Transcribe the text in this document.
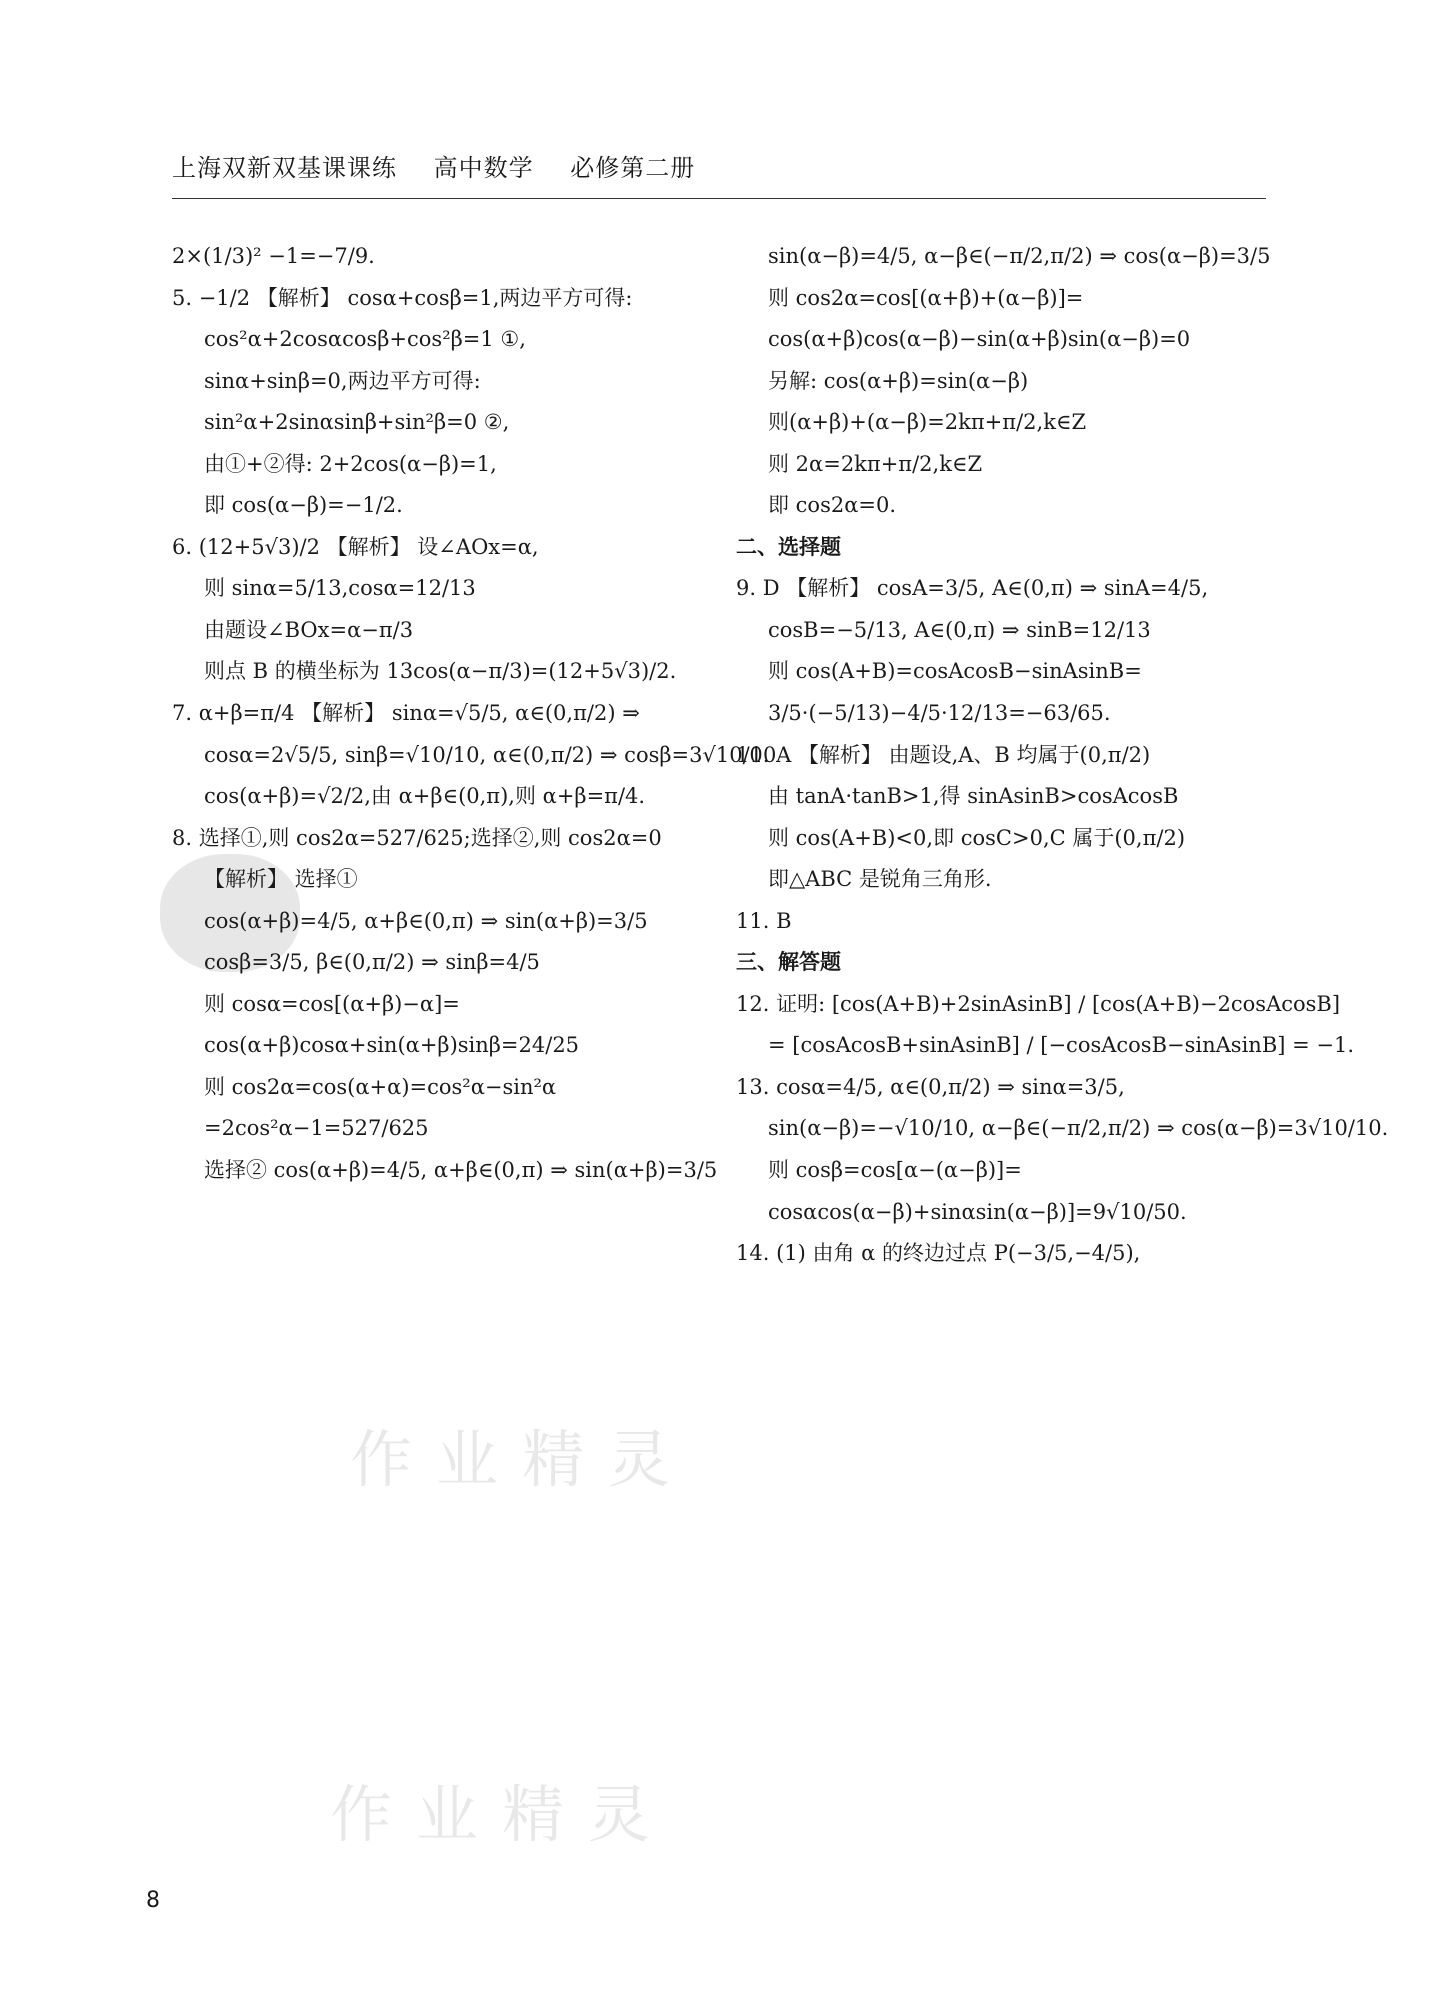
上海双新双基课课练 高中数学 必修第二册
2×(1/3)² −1=−7/9.
5. −1/2 【解析】 cosα+cosβ=1,两边平方可得:
cos²α+2cosαcosβ+cos²β=1 ①,
sinα+sinβ=0,两边平方可得:
sin²α+2sinαsinβ+sin²β=0 ②,
由①+②得: 2+2cos(α−β)=1,
即 cos(α−β)=−1/2.
6. (12+5√3)/2 【解析】 设∠AOx=α,
则 sinα=5/13,cosα=12/13
由题设∠BOx=α−π/3
则点 B 的横坐标为 13cos(α−π/3)=(12+5√3)/2.
7. α+β=π/4 【解析】 sinα=√5/5, α∈(0,π/2) ⇒
cosα=2√5/5, sinβ=√10/10, α∈(0,π/2) ⇒ cosβ=3√10/10
cos(α+β)=√2/2,由 α+β∈(0,π),则 α+β=π/4.
8. 选择①,则 cos2α=527/625;选择②,则 cos2α=0
【解析】 选择①
cos(α+β)=4/5, α+β∈(0,π) ⇒ sin(α+β)=3/5
cosβ=3/5, β∈(0,π/2) ⇒ sinβ=4/5
则 cosα=cos[(α+β)−α]=
cos(α+β)cosα+sin(α+β)sinβ=24/25
则 cos2α=cos(α+α)=cos²α−sin²α
=2cos²α−1=527/625
选择② cos(α+β)=4/5, α+β∈(0,π) ⇒ sin(α+β)=3/5
sin(α−β)=4/5, α−β∈(−π/2,π/2) ⇒ cos(α−β)=3/5
则 cos2α=cos[(α+β)+(α−β)]=
cos(α+β)cos(α−β)−sin(α+β)sin(α−β)=0
另解: cos(α+β)=sin(α−β)
则(α+β)+(α−β)=2kπ+π/2,k∈Z
则 2α=2kπ+π/2,k∈Z
即 cos2α=0.
二、选择题
9. D 【解析】 cosA=3/5, A∈(0,π) ⇒ sinA=4/5,
cosB=−5/13, A∈(0,π) ⇒ sinB=12/13
则 cos(A+B)=cosAcosB−sinAsinB=
3/5·(−5/13)−4/5·12/13=−63/65.
10. A 【解析】 由题设,A、B 均属于(0,π/2)
由 tanA·tanB>1,得 sinAsinB>cosAcosB
则 cos(A+B)<0,即 cosC>0,C 属于(0,π/2)
即△ABC 是锐角三角形.
11. B
三、解答题
12. 证明: [cos(A+B)+2sinAsinB] / [cos(A+B)−2cosAcosB]
= [cosAcosB+sinAsinB] / [−cosAcosB−sinAsinB] = −1.
13. cosα=4/5, α∈(0,π/2) ⇒ sinα=3/5,
sin(α−β)=−√10/10, α−β∈(−π/2,π/2) ⇒ cos(α−β)=3√10/10.
则 cosβ=cos[α−(α−β)]=
cosαcos(α−β)+sinαsin(α−β)]=9√10/50.
14. (1) 由角 α 的终边过点 P(−3/5,−4/5),
作业精灵
作业精灵
8
